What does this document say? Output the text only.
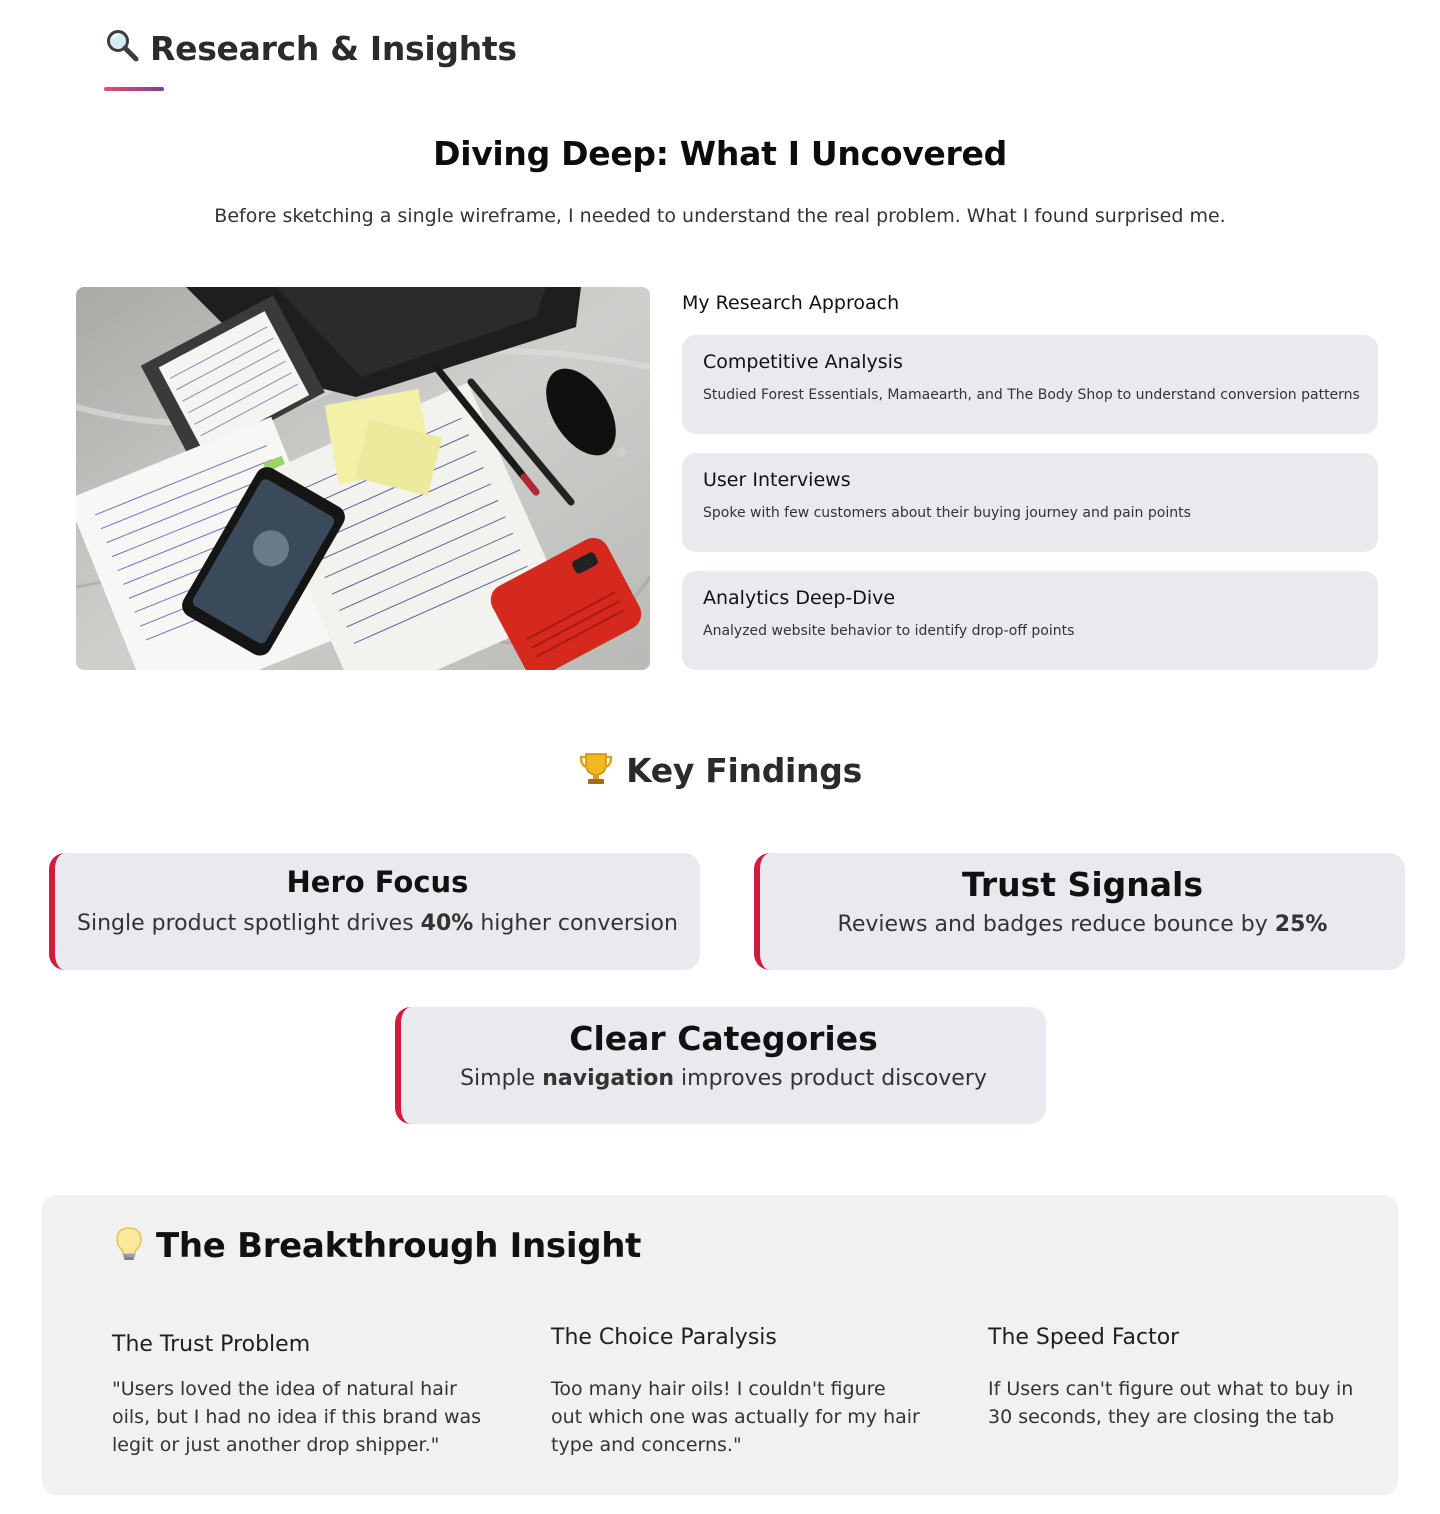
Research & Insights
Diving Deep: What I Uncovered
Before sketching a single wireframe, I needed to understand the real problem. What I found surprised me.
My Research Approach
Competitive Analysis
Studied Forest Essentials, Mamaearth, and The Body Shop to understand conversion patterns
User Interviews
Spoke with few customers about their buying journey and pain points
Analytics Deep-Dive
Analyzed website behavior to identify drop-off points
Key Findings
Hero Focus
Single product spotlight drives 40% higher conversion
Trust Signals
Reviews and badges reduce bounce by 25%
Clear Categories
Simple navigation improves product discovery
The Breakthrough Insight
The Trust Problem
"Users loved the idea of natural hair oils, but I had no idea if this brand was legit or just another drop shipper."
The Choice Paralysis
Too many hair oils! I couldn't figure out which one was actually for my hair type and concerns."
The Speed Factor
If Users can't figure out what to buy in 30 seconds, they are closing the tab
